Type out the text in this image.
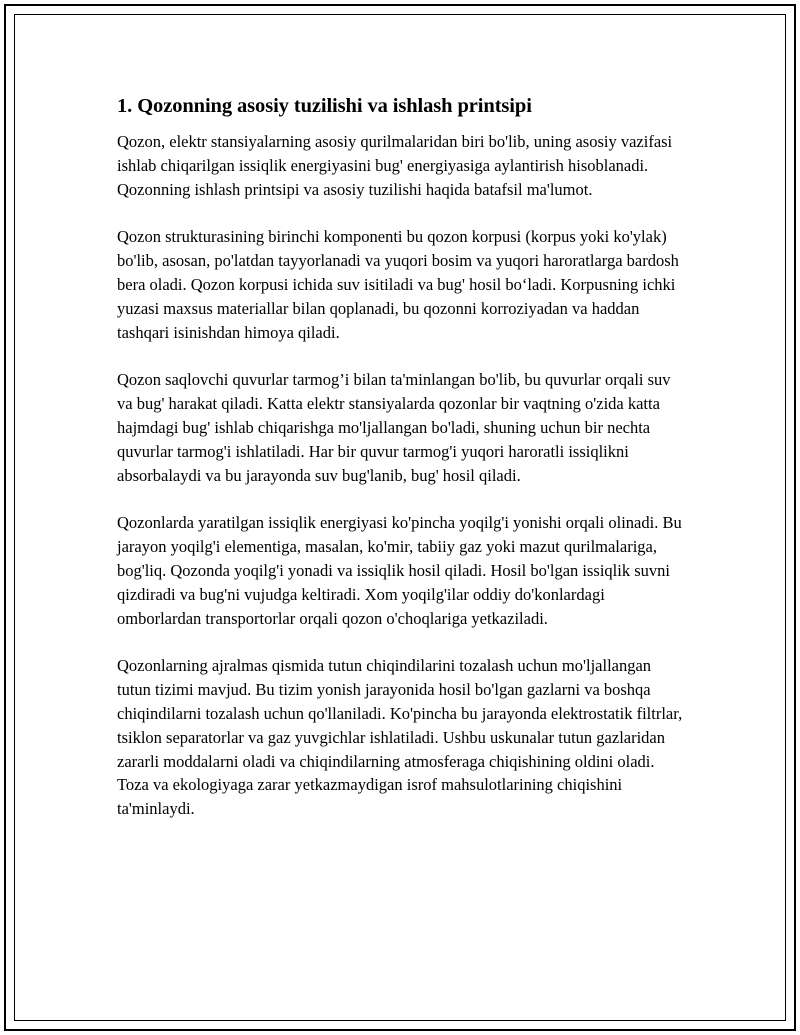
1. Qozonning asosiy tuzilishi va ishlash printsipi

Qozon, elektr stansiyalarning asosiy qurilmalaridan biri bo'lib, uning asosiy vazifasi ishlab chiqarilgan issiqlik energiyasini bug' energiyasiga aylantirish hisoblanadi. Qozonning ishlash printsipi va asosiy tuzilishi haqida batafsil ma'lumot.

Qozon strukturasining birinchi komponenti bu qozon korpusi (korpus yoki ko'ylak) bo'lib, asosan, po'latdan tayyorlanadi va yuqori bosim va yuqori haroratlarga bardosh bera oladi. Qozon korpusi ichida suv isitiladi va bug' hosil bo‘ladi. Korpusning ichki yuzasi maxsus materiallar bilan qoplanadi, bu qozonni korroziyadan va haddan tashqari isinishdan himoya qiladi.

Qozon saqlovchi quvurlar tarmog’i bilan ta'minlangan bo'lib, bu quvurlar orqali suv va bug' harakat qiladi. Katta elektr stansiyalarda qozonlar bir vaqtning o'zida katta hajmdagi bug' ishlab chiqarishga mo'ljallangan bo'ladi, shuning uchun bir nechta quvurlar tarmog'i ishlatiladi. Har bir quvur tarmog'i yuqori haroratli issiqlikni absorbalaydi va bu jarayonda suv bug'lanib, bug' hosil qiladi.

Qozonlarda yaratilgan issiqlik energiyasi ko'pincha yoqilg'i yonishi orqali olinadi. Bu jarayon yoqilg'i elementiga, masalan, ko'mir, tabiiy gaz yoki mazut qurilmalariga, bog'liq. Qozonda yoqilg'i yonadi va issiqlik hosil qiladi. Hosil bo'lgan issiqlik suvni qizdiradi va bug'ni vujudga keltiradi. Xom yoqilg'ilar oddiy do'konlardagi omborlardan transportorlar orqali qozon o'choqlariga yetkaziladi.

Qozonlarning ajralmas qismida tutun chiqindilarini tozalash uchun mo'ljallangan tutun tizimi mavjud. Bu tizim yonish jarayonida hosil bo'lgan gazlarni va boshqa chiqindilarni tozalash uchun qo'llaniladi. Ko'pincha bu jarayonda elektrostatik filtrlar, tsiklon separatorlar va gaz yuvgichlar ishlatiladi. Ushbu uskunalar tutun gazlaridan zararli moddalarni oladi va chiqindilarning atmosferaga chiqishining oldini oladi. Toza va ekologiyaga zarar yetkazmaydigan isrof mahsulotlarining chiqishini ta'minlaydi.
